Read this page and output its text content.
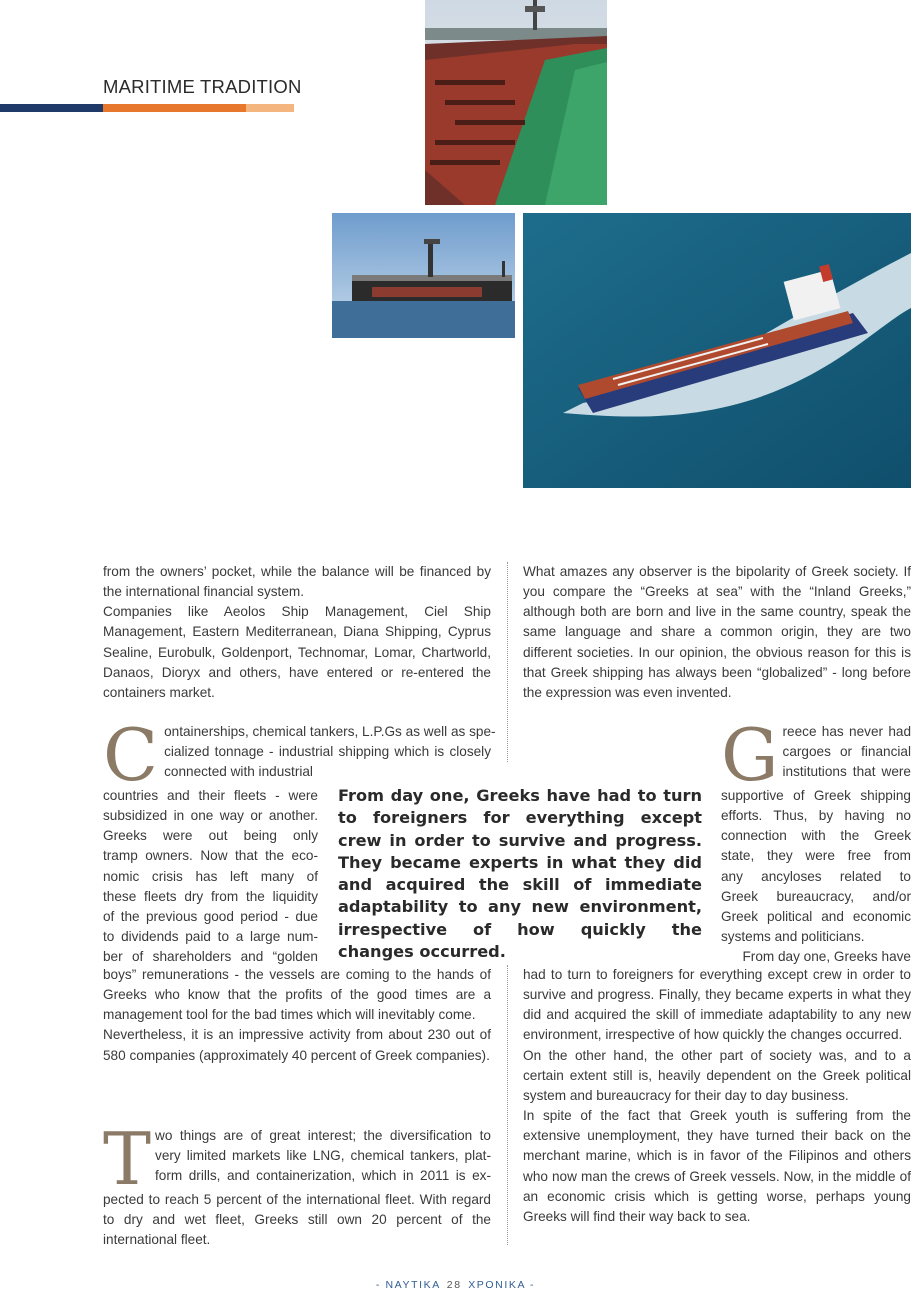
MARITIME TRADITION

from the owners’ pocket, while the balance will be financed by the international financial system.

Companies like Aeolos Ship Management, Ciel Ship Management, Eastern Mediterranean, Diana Shipping, Cyprus Sealine, Eurobulk, Goldenport, Technomar, Lomar, Chartworld, Danaos, Dioryx and others, have entered or re-entered the containers market.

What amazes any observer is the bipolarity of Greek society. If you compare the “Greeks at sea” with the “Inland Greeks,” although both are born and live in the same country, speak the same language and share a common origin, they are two different societies. In our opinion, the obvious reason for this is that Greek shipping has always been “globalized” - long before the expression was even invented.

C ontainerships, chemical tankers, L.P.Gs as well as spe-
cialized tonnage - industrial shipping which is closely
connected with industrial
countries and their fleets - were
subsidized in one way or another.
Greeks were out being only
tramp owners. Now that the eco-
nomic crisis has left many of
these fleets dry from the liquidity
of the previous good period - due
to dividends paid to a large num-
ber of shareholders and “golden
From day one, Greeks have had to turn to foreigners for everything except crew in order to survive and progress. They became experts in what they did and acquired the skill of immediate adaptability to any new environment, irrespective of how quickly the changes occurred.
G reece has never had
cargoes or financial
institutions that were
supportive of Greek shipping
efforts. Thus, by having no
connection with the Greek
state, they were free from
any ancyloses related to
Greek bureaucracy, and/or
Greek political and economic
systems and politicians.
From day one, Greeks have

boys” remunerations - the vessels are coming to the hands of Greeks who know that the profits of the good times are a management tool for the bad times which will inevitably come.

Nevertheless, it is an impressive activity from about 230 out of 580 companies (approximately 40 percent of Greek companies).

T wo things are of great interest; the diversification to
very limited markets like LNG, chemical tankers, plat-
form drills, and containerization, which in 2011 is ex-

pected to reach 5 percent of the international fleet. With regard to dry and wet fleet, Greeks still own 20 percent of the international fleet.

had to turn to foreigners for everything except crew in order to survive and progress. Finally, they became experts in what they did and acquired the skill of immediate adaptability to any new environment, irrespective of how quickly the changes occurred.

On the other hand, the other part of society was, and to a certain extent still is, heavily dependent on the Greek political system and bureaucracy for their day to day business.

In spite of the fact that Greek youth is suffering from the extensive unemployment, they have turned their back on the merchant marine, which is in favor of the Filipinos and others who now man the crews of Greek vessels. Now, in the middle of an economic crisis which is getting worse, perhaps young Greeks will find their way back to sea.

- ΝΑΥΤΙΚΑ 28 ΧΡΟΝΙΚΑ -
